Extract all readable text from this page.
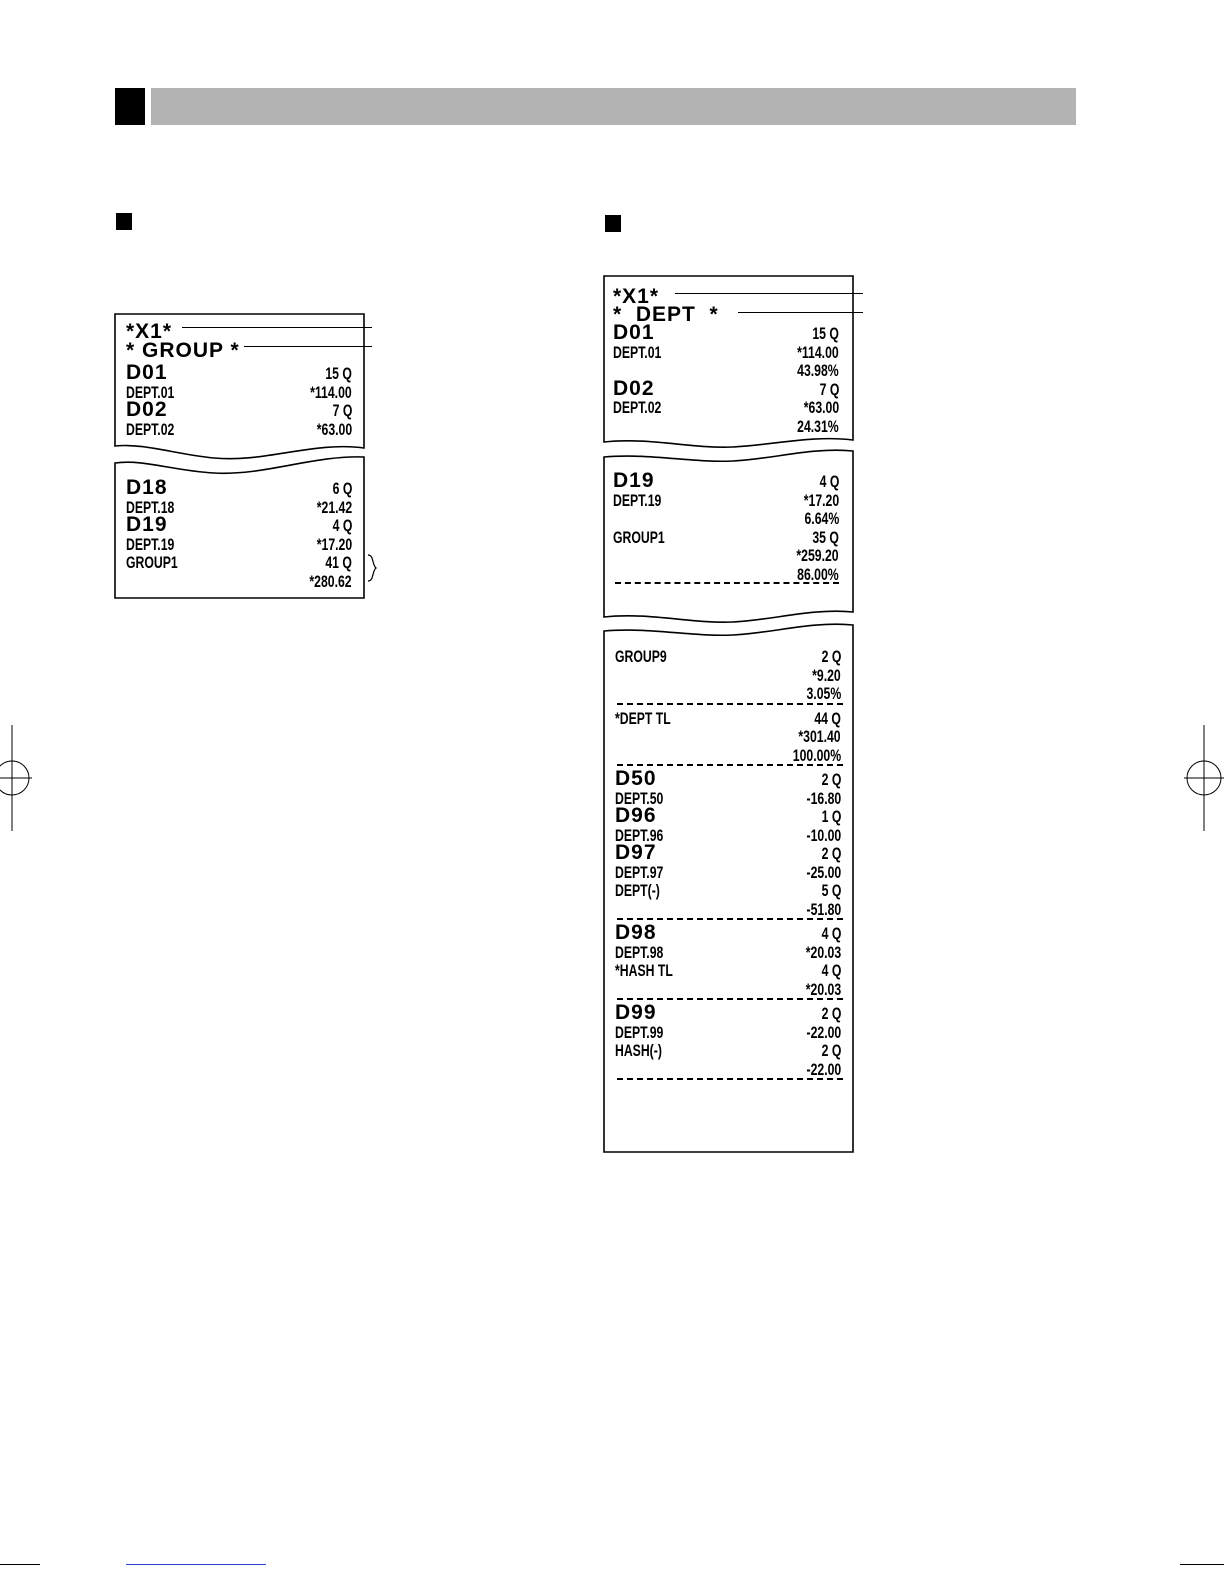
*X1*
* GROUP *
D01	15 Q
DEPT.01	*114.00
D02	7 Q
DEPT.02	*63.00
D18	6 Q
DEPT.18	*21.42
D19	4 Q
DEPT.19	*17.20
GROUP1	41 Q
*280.62
*X1*
*  DEPT  *
D01	15 Q
DEPT.01	*114.00
43.98%
D02	7 Q
DEPT.02	*63.00
24.31%
D19	4 Q
DEPT.19	*17.20
6.64%
GROUP1	35 Q
*259.20
86.00%
GROUP9	2 Q
*9.20
3.05%
*DEPT TL	44 Q
*301.40
100.00%
D50	2 Q
DEPT.50	-16.80
D96	1 Q
DEPT.96	-10.00
D97	2 Q
DEPT.97	-25.00
DEPT(-)	5 Q
-51.80
D98	4 Q
DEPT.98	*20.03
*HASH TL	4 Q
*20.03
D99	2 Q
DEPT.99	-22.00
HASH(-)	2 Q
-22.00
